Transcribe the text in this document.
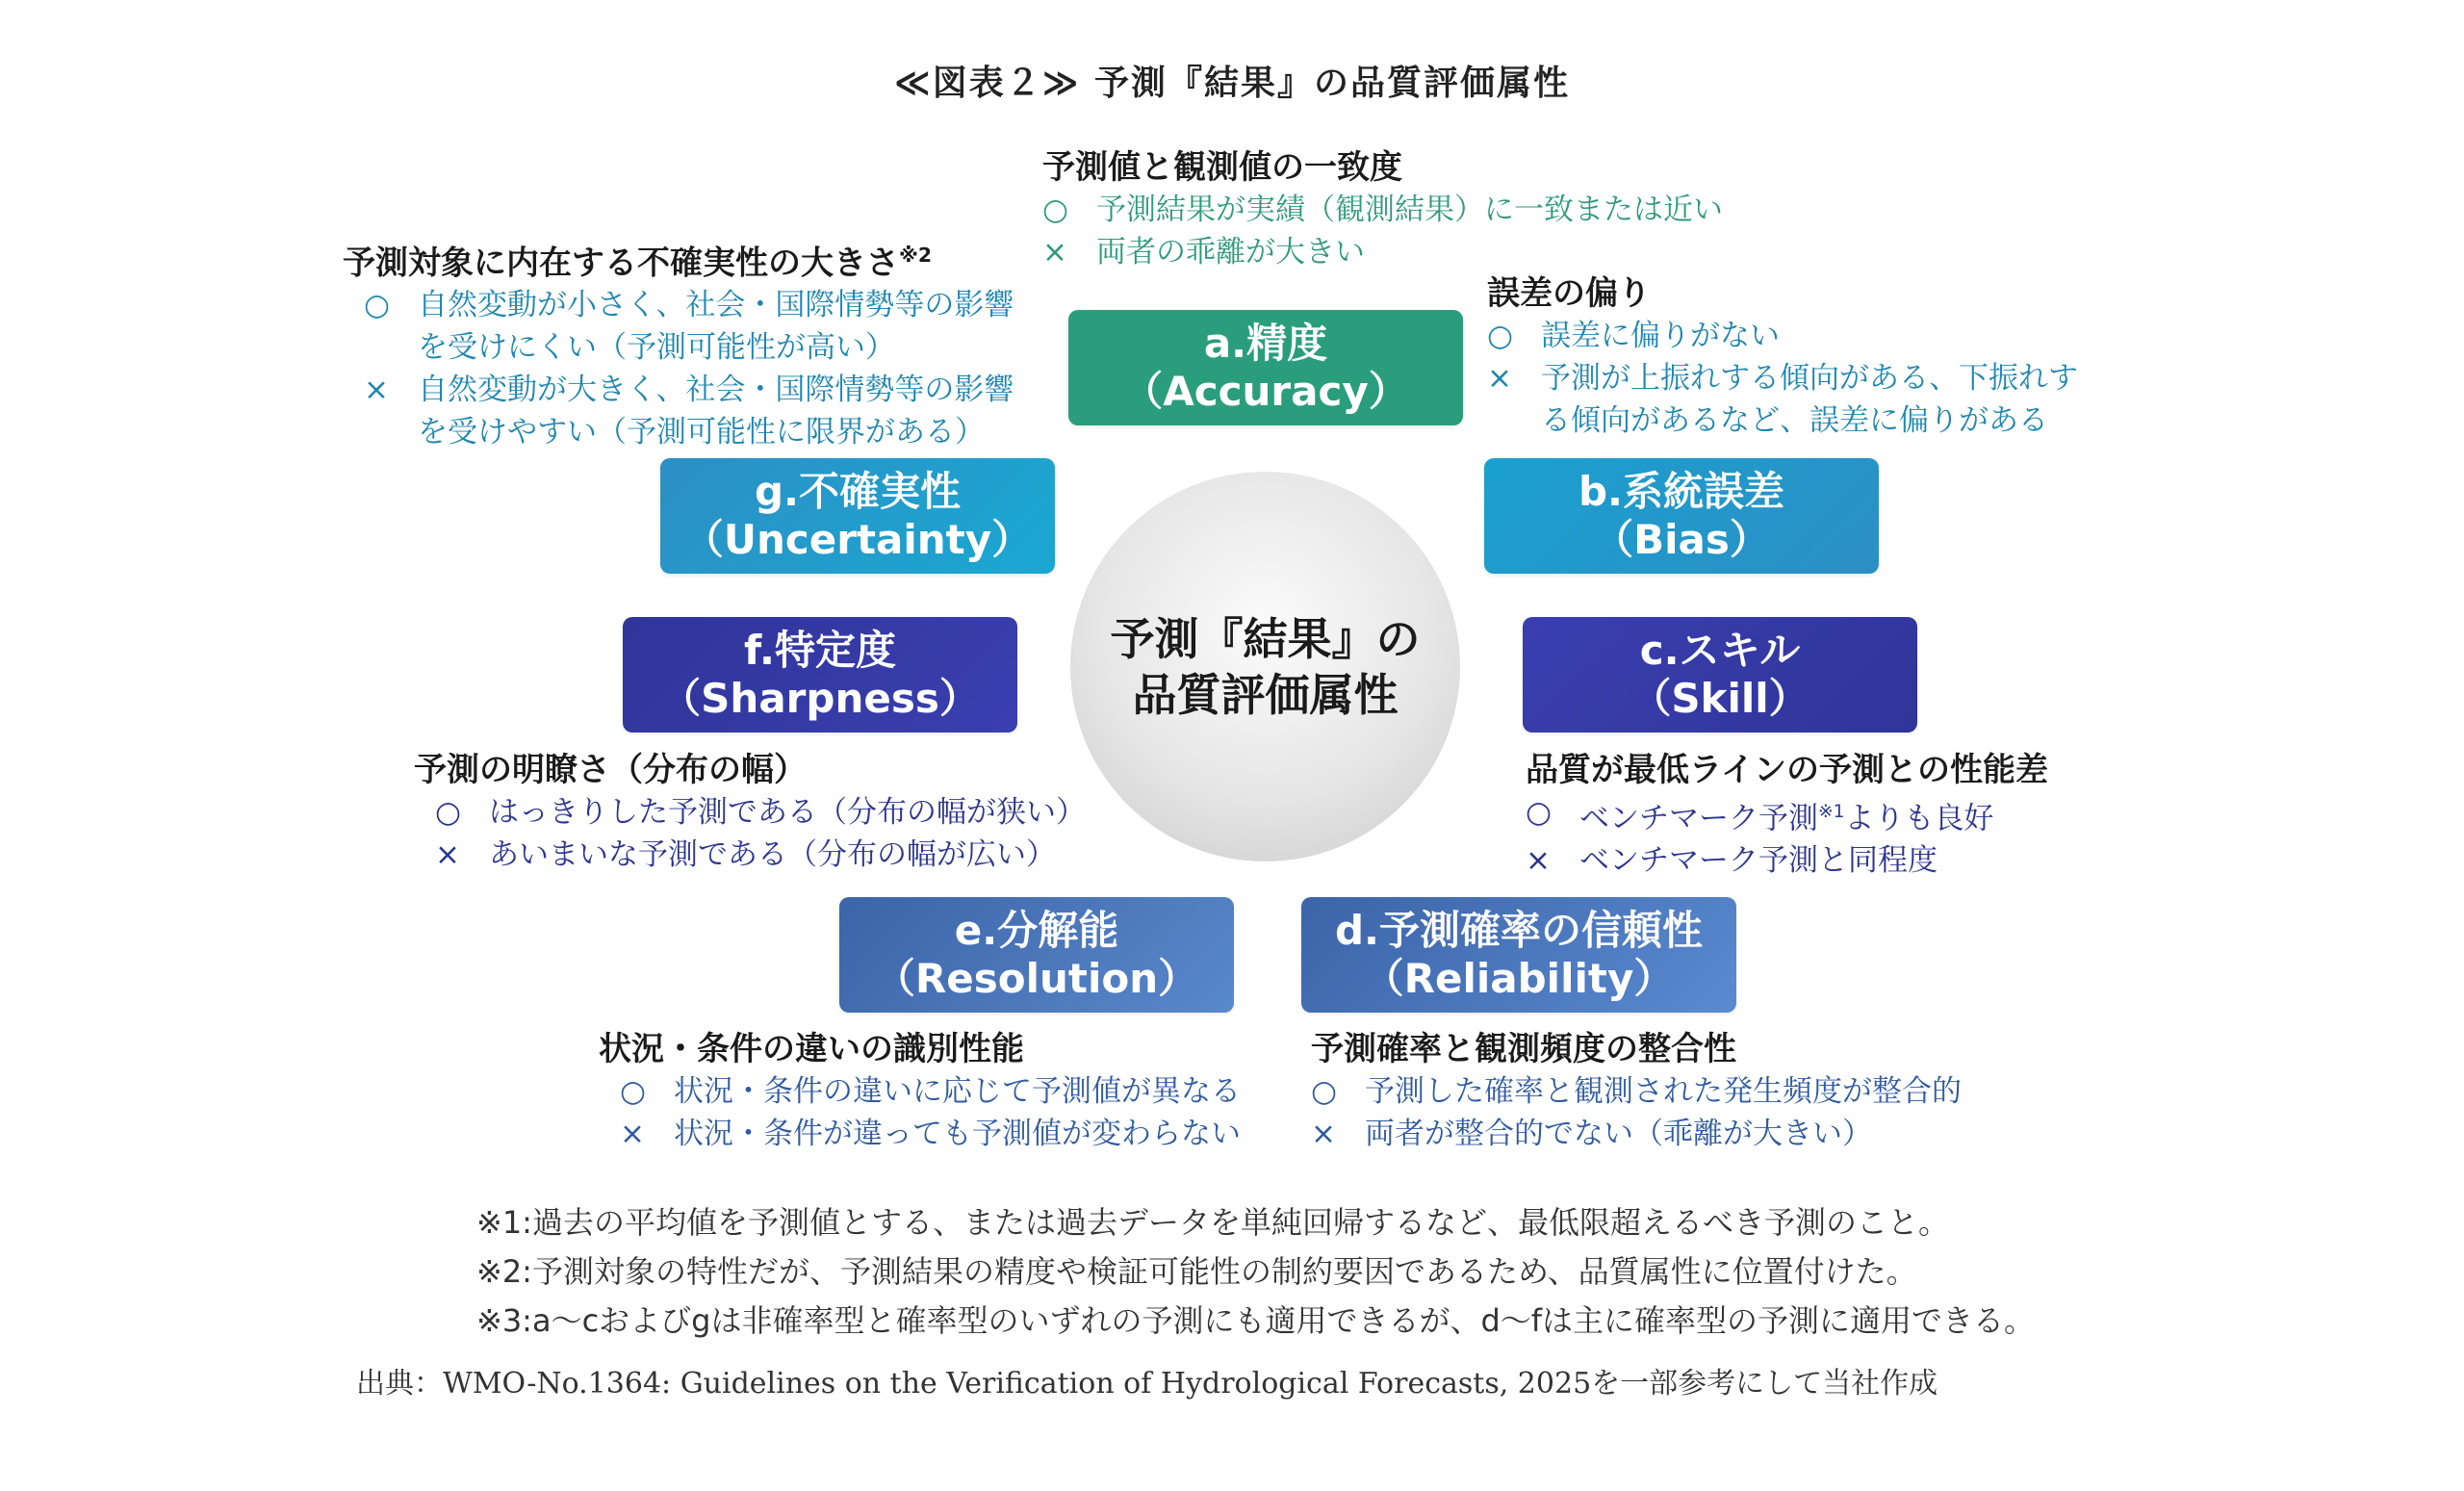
≪図表２≫ 予測『結果』の品質評価属性
予測『結果』の
品質評価属性
a.精度
（Accuracy）
b.系統誤差
（Bias）
c.スキル
（Skill）
d.予測確率の信頼性
（Reliability）
e.分解能
（Resolution）
f.特定度
（Sharpness）
g.不確実性
（Uncertainty）
予測値と観測値の一致度
○ 予測結果が実績（観測結果）に一致または近い
× 両者の乖離が大きい
誤差の偏り
○ 誤差に偏りがない
× 予測が上振れする傾向がある、下振れす
る傾向があるなど、誤差に偏りがある
品質が最低ラインの予測との性能差
○ ベンチマーク予測$^{※1}$よりも良好
× ベンチマーク予測と同程度
予測確率と観測頻度の整合性
○ 予測した確率と観測された発生頻度が整合的
× 両者が整合的でない（乖離が大きい）
状況・条件の違いの識別性能
○ 状況・条件の違いに応じて予測値が異なる
× 状況・条件が違っても予測値が変わらない
予測の明瞭さ（分布の幅）
○ はっきりした予測である（分布の幅が狭い）
× あいまいな予測である（分布の幅が広い）
予測対象に内在する不確実性の大きさ$^{※2}$
○ 自然変動が小さく、社会・国際情勢等の影響
を受けにくい（予測可能性が高い）
× 自然変動が大きく、社会・国際情勢等の影響
を受けやすい（予測可能性に限界がある）
※1:過去の平均値を予測値とする、または過去データを単純回帰するなど、最低限超えるべき予測のこと。
※2:予測対象の特性だが、予測結果の精度や検証可能性の制約要因であるため、品質属性に位置付けた。
※3:a～cおよびgは非確率型と確率型のいずれの予測にも適用できるが、d～fは主に確率型の予測に適用できる。
出典：WMO-No.1364: Guidelines on the Verification of Hydrological Forecasts, 2025を一部参考にして当社作成
